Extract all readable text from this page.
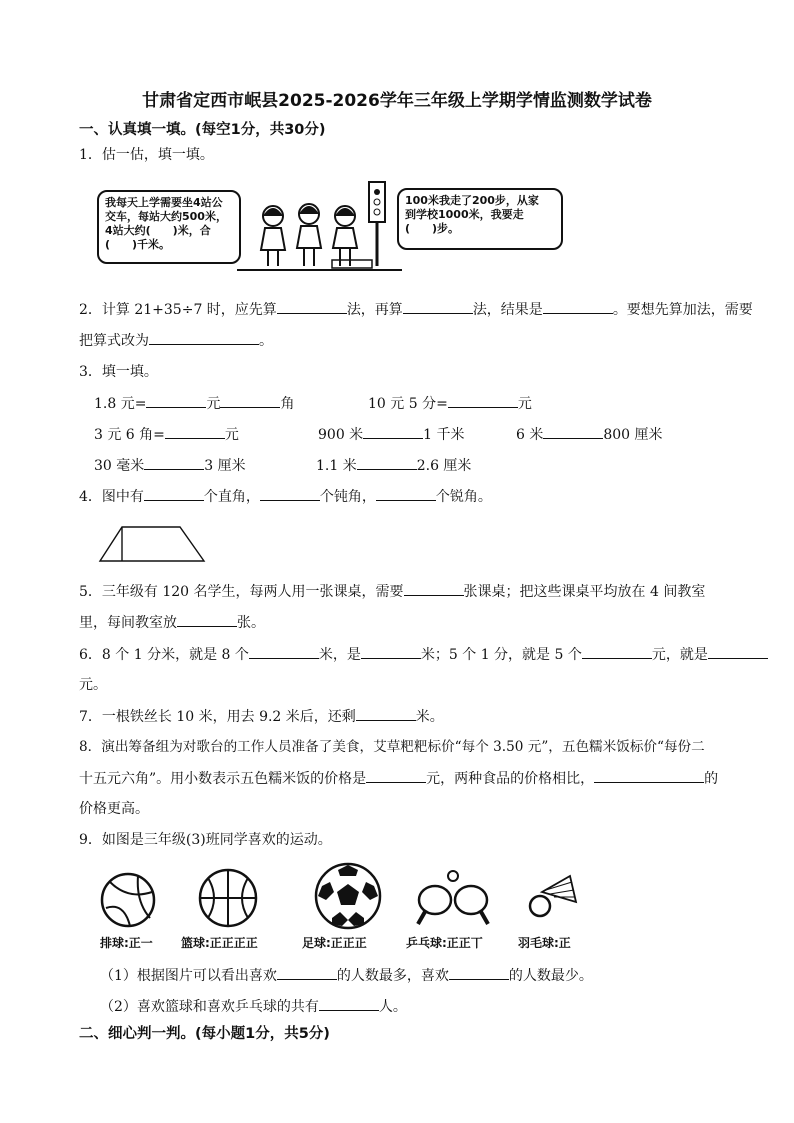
甘肃省定西市岷县2025-2026学年三年级上学期学情监测数学试卷
一、认真填一填。(每空1分，共30分)
1．估一估，填一填。
我每天上学需要坐4站公
交车，每站大约500米，
4站大约(　　)米，合
(　　)千米。
100米我走了200步，从家
到学校1000米，我要走
(　　)步。
2．计算 21+35÷7 时，应先算	法，再算	法，结果是	。要想先算加法，需要
把算式改为	。
3．填一填。
1.8 元=	元	角	10 元 5 分=	元
3 元 6 角=	元	900 米	1 千米	6 米	800 厘米
30 毫米	3 厘米	1.1 米	2.6 厘米
4．图中有	个直角，	个钝角，	个锐角。
5．三年级有 120 名学生，每两人用一张课桌，需要	张课桌；把这些课桌平均放在 4 间教室
里，每间教室放	张。
6．8 个 1 分米，就是 8 个	米，是	米；5 个 1 分，就是 5 个	元，就是
元。
7．一根铁丝长 10 米，用去 9.2 米后，还剩	米。
8．演出筹备组为对歌台的工作人员准备了美食，艾草粑粑标价“每个 3.50 元”，五色糯米饭标价“每份二
十五元六角”。用小数表示五色糯米饭的价格是	元，两种食品的价格相比，	的
价格更高。
9．如图是三年级(3)班同学喜欢的运动。
排球:正一 篮球:正正正正	足球:正正正	乒乓球:正正丅	羽毛球:正
（1）根据图片可以看出喜欢	的人数最多，喜欢	的人数最少。
（2）喜欢篮球和喜欢乒乓球的共有	人。
二、细心判一判。(每小题1分，共5分)
